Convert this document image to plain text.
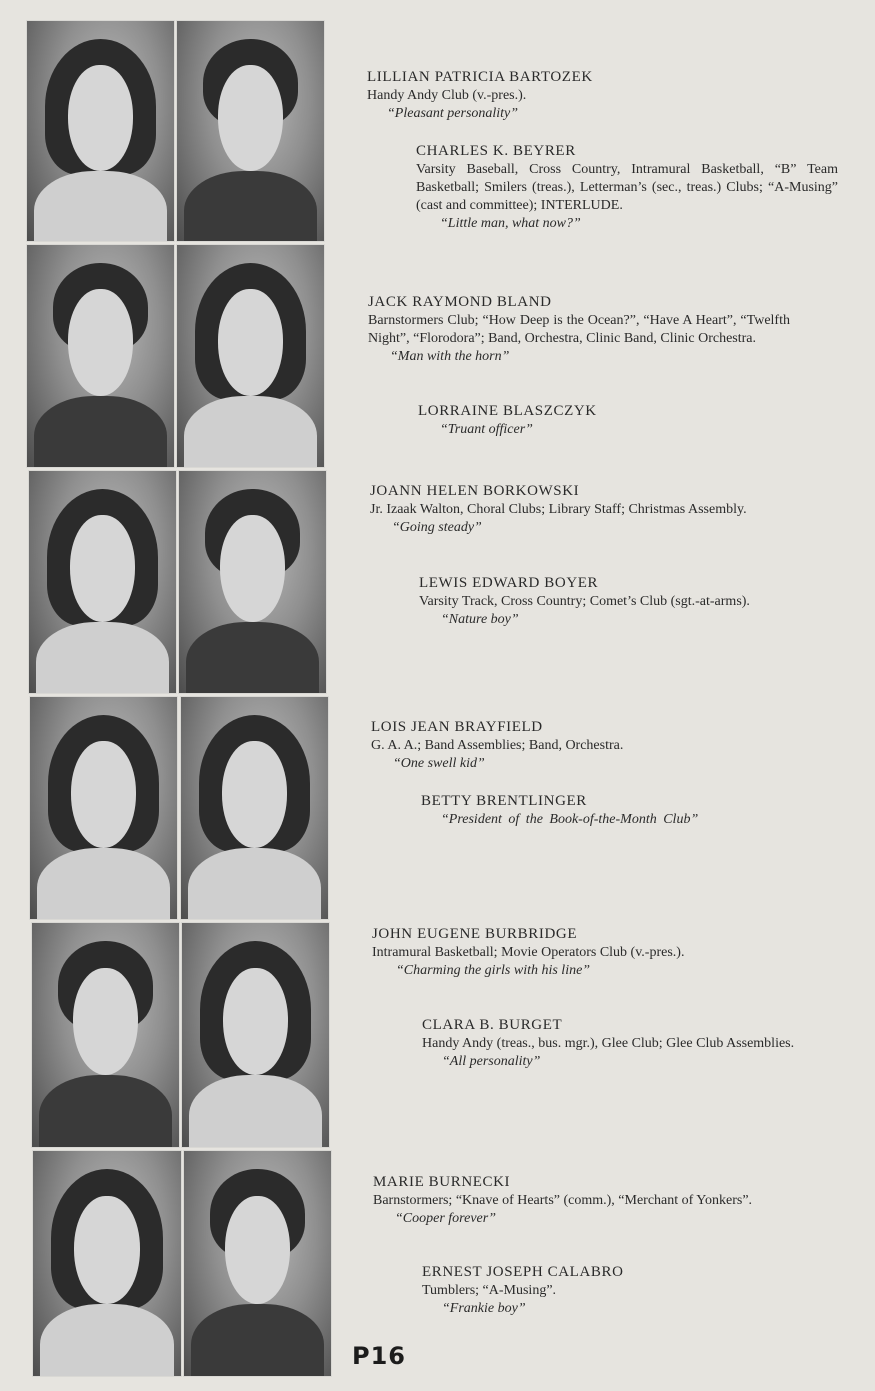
LILLIAN PATRICIA BARTOZEK
Handy Andy Club (v.-pres.).
“Pleasant personality”
CHARLES K. BEYRER
Varsity Baseball, Cross Country, Intramural Basketball, “B” Team Basketball; Smilers (treas.), Letterman’s (sec., treas.) Clubs; “A-Musing” (cast and committee); INTERLUDE.
“Little man, what now?”
JACK RAYMOND BLAND
Barnstormers Club; “How Deep is the Ocean?”, “Have A Heart”, “Twelfth Night”, “Florodora”; Band, Orchestra, Clinic Band, Clinic Orchestra.
“Man with the horn”
LORRAINE BLASZCZYK
“Truant officer”
JOANN HELEN BORKOWSKI
Jr. Izaak Walton, Choral Clubs; Library Staff; Christmas Assembly.
“Going steady”
LEWIS EDWARD BOYER
Varsity Track, Cross Country; Comet’s Club (sgt.-at-arms).
“Nature boy”
LOIS JEAN BRAYFIELD
G. A. A.; Band Assemblies; Band, Orchestra.
“One swell kid”
BETTY BRENTLINGER
“President of the Book-of-the-Month Club”
JOHN EUGENE BURBRIDGE
Intramural Basketball; Movie Operators Club (v.-pres.).
“Charming the girls with his line”
CLARA B. BURGET
Handy Andy (treas., bus. mgr.), Glee Club; Glee Club Assemblies.
“All personality”
MARIE BURNECKI
Barnstormers; “Knave of Hearts” (comm.), “Merchant of Yonkers”.
“Cooper forever”
ERNEST JOSEPH CALABRO
Tumblers; “A-Musing”.
“Frankie boy”
P16
